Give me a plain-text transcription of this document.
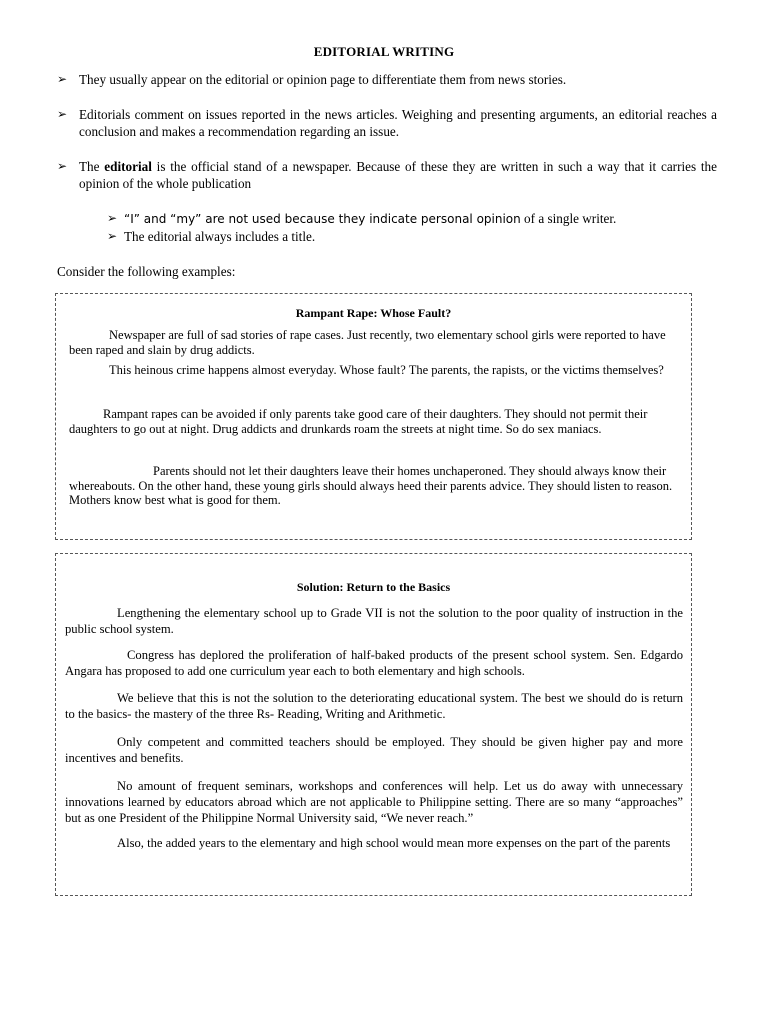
EDITORIAL WRITING
➢ They usually appear on the editorial or opinion page to differentiate them from news stories.
➢ Editorials comment on issues reported in the news articles. Weighing and presenting arguments, an editorial reaches a conclusion and makes a recommendation regarding an issue.
➢ The editorial is the official stand of a newspaper. Because of these they are written in such a way that it carries the opinion of the whole publication
➢ “I” and “my” are not used because they indicate personal opinion of a single writer.
➢ The editorial always includes a title.
Consider the following examples:
Rampant Rape: Whose Fault?
Newspaper are full of sad stories of rape cases. Just recently, two elementary school girls were reported to have been raped and slain by drug addicts.
This heinous crime happens almost everyday. Whose fault? The parents, the rapists, or the victims themselves?
Rampant rapes can be avoided if only parents take good care of their daughters. They should not permit their daughters to go out at night. Drug addicts and drunkards roam the streets at night time. So do sex maniacs.
Parents should not let their daughters leave their homes unchaperoned. They should always know their whereabouts. On the other hand, these young girls should always heed their parents advice. They should listen to reason. Mothers know best what is good for them.
Solution: Return to the Basics
Lengthening the elementary school up to Grade VII is not the solution to the poor quality of instruction in the public school system.
Congress has deplored the proliferation of half-baked products of the present school system. Sen. Edgardo Angara has proposed to add one curriculum year each to both elementary and high schools.
We believe that this is not the solution to the deteriorating educational system. The best we should do is return to the basics- the mastery of the three Rs- Reading, Writing and Arithmetic.
Only competent and committed teachers should be employed. They should be given higher pay and more incentives and benefits.
No amount of frequent seminars, workshops and conferences will help. Let us do away with unnecessary innovations learned by educators abroad which are not applicable to Philippine setting. There are so many “approaches” but as one President of the Philippine Normal University said, “We never reach.”
Also, the added years to the elementary and high school would mean more expenses on the part of the parents
